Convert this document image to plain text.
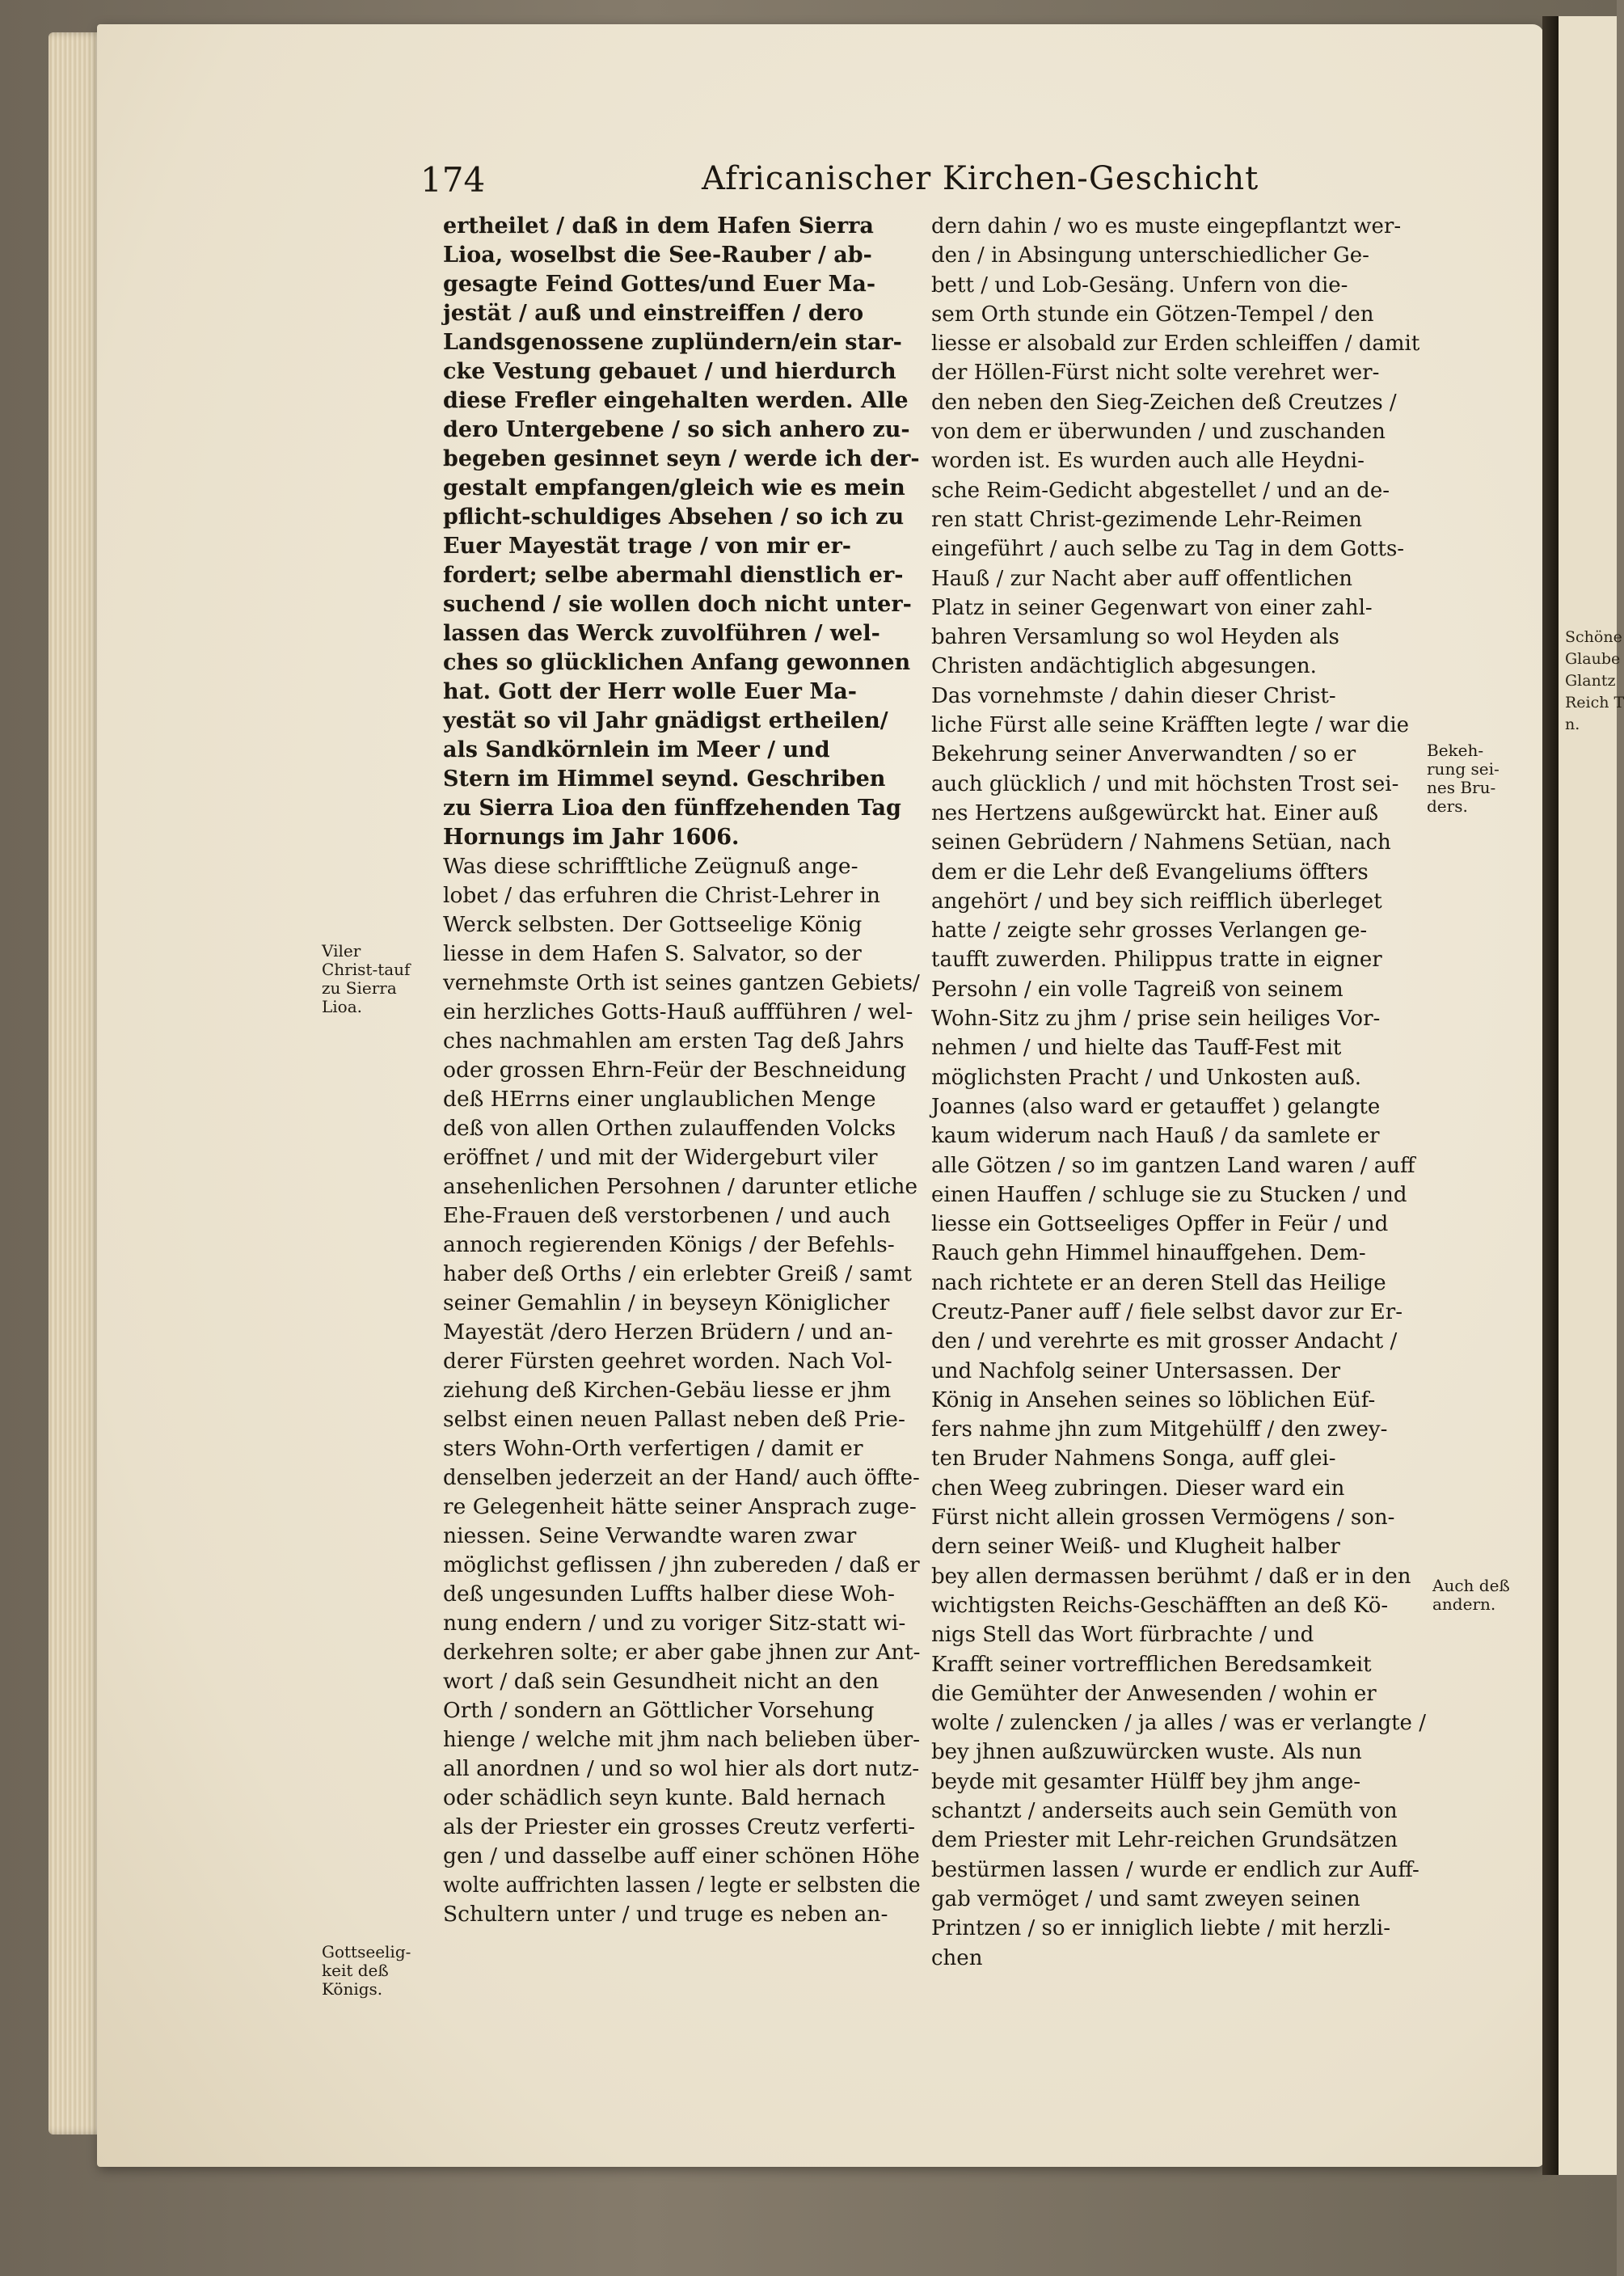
Schöne
Glaube
Glantz
Reich T
n.
174	Africanischer Kirchen-Geschicht
ertheilet / daß in dem Hafen Sierra
Lioa, woselbst die See-Rauber / ab-
gesagte Feind Gottes/und Euer Ma-
jestät / auß und einstreiffen / dero
Landsgenossene zuplündern/ein star-
cke Vestung gebauet / und hierdurch
diese Frefler eingehalten werden. Alle
dero Untergebene / so sich anhero zu-
begeben gesinnet seyn / werde ich der-
gestalt empfangen/gleich wie es mein
pflicht-schuldiges Absehen / so ich zu
Euer Mayestät trage / von mir er-
fordert; selbe abermahl dienstlich er-
suchend / sie wollen doch nicht unter-
lassen das Werck zuvolführen / wel-
ches so glücklichen Anfang gewonnen
hat. Gott der Herr wolle Euer Ma-
yestät so vil Jahr gnädigst ertheilen/
als Sandkörnlein im Meer / und
Stern im Himmel seynd. Geschriben
zu Sierra Lioa den fünffzehenden Tag
Hornungs im Jahr 1606.
Was diese schrifftliche Zeügnuß ange-
lobet / das erfuhren die Christ-Lehrer in
Werck selbsten. Der Gottseelige König
liesse in dem Hafen S. Salvator, so der
vernehmste Orth ist seines gantzen Gebiets/
ein herzliches Gotts-Hauß auffführen / wel-
ches nachmahlen am ersten Tag deß Jahrs
oder grossen Ehrn-Feür der Beschneidung
deß HErrns einer unglaublichen Menge
deß von allen Orthen zulauffenden Volcks
eröffnet / und mit der Widergeburt viler
ansehenlichen Persohnen / darunter etliche
Ehe-Frauen deß verstorbenen / und auch
annoch regierenden Königs / der Befehls-
haber deß Orths / ein erlebter Greiß / samt
seiner Gemahlin / in beyseyn Königlicher
Mayestät /dero Herzen Brüdern / und an-
derer Fürsten geehret worden. Nach Vol-
ziehung deß Kirchen-Gebäu liesse er jhm
selbst einen neuen Pallast neben deß Prie-
sters Wohn-Orth verfertigen / damit er
denselben jederzeit an der Hand/ auch öffte-
re Gelegenheit hätte seiner Ansprach zuge-
niessen. Seine Verwandte waren zwar
möglichst geflissen / jhn zubereden / daß er
deß ungesunden Luffts halber diese Woh-
nung endern / und zu voriger Sitz-statt wi-
derkehren solte; er aber gabe jhnen zur Ant-
wort / daß sein Gesundheit nicht an den
Orth / sondern an Göttlicher Vorsehung
hienge / welche mit jhm nach belieben über-
all anordnen / und so wol hier als dort nutz-
oder schädlich seyn kunte. Bald hernach
als der Priester ein grosses Creutz verferti-
gen / und dasselbe auff einer schönen Höhe
wolte auffrichten lassen / legte er selbsten die
Schultern unter / und truge es neben an-
dern dahin / wo es muste eingepflantzt wer-
den / in Absingung unterschiedlicher Ge-
bett / und Lob-Gesäng. Unfern von die-
sem Orth stunde ein Götzen-Tempel / den
liesse er alsobald zur Erden schleiffen / damit
der Höllen-Fürst nicht solte verehret wer-
den neben den Sieg-Zeichen deß Creutzes /
von dem er überwunden / und zuschanden
worden ist. Es wurden auch alle Heydni-
sche Reim-Gedicht abgestellet / und an de-
ren statt Christ-gezimende Lehr-Reimen
eingeführt / auch selbe zu Tag in dem Gotts-
Hauß / zur Nacht aber auff offentlichen
Platz in seiner Gegenwart von einer zahl-
bahren Versamlung so wol Heyden als
Christen andächtiglich abgesungen.
Das vornehmste / dahin dieser Christ-
liche Fürst alle seine Kräfften legte / war die
Bekehrung seiner Anverwandten / so er
auch glücklich / und mit höchsten Trost sei-
nes Hertzens außgewürckt hat. Einer auß
seinen Gebrüdern / Nahmens Setüan, nach
dem er die Lehr deß Evangeliums öffters
angehört / und bey sich reifflich überleget
hatte / zeigte sehr grosses Verlangen ge-
taufft zuwerden. Philippus tratte in eigner
Persohn / ein volle Tagreiß von seinem
Wohn-Sitz zu jhm / prise sein heiliges Vor-
nehmen / und hielte das Tauff-Fest mit
möglichsten Pracht / und Unkosten auß.
Joannes (also ward er getauffet ) gelangte
kaum widerum nach Hauß / da samlete er
alle Götzen / so im gantzen Land waren / auff
einen Hauffen / schluge sie zu Stucken / und
liesse ein Gottseeliges Opffer in Feür / und
Rauch gehn Himmel hinauffgehen. Dem-
nach richtete er an deren Stell das Heilige
Creutz-Paner auff / fiele selbst davor zur Er-
den / und verehrte es mit grosser Andacht /
und Nachfolg seiner Untersassen. Der
König in Ansehen seines so löblichen Eüf-
fers nahme jhn zum Mitgehülff / den zwey-
ten Bruder Nahmens Songa, auff glei-
chen Weeg zubringen. Dieser ward ein
Fürst nicht allein grossen Vermögens / son-
dern seiner Weiß- und Klugheit halber
bey allen dermassen berühmt / daß er in den
wichtigsten Reichs-Geschäfften an deß Kö-
nigs Stell das Wort fürbrachte / und
Krafft seiner vortrefflichen Beredsamkeit
die Gemühter der Anwesenden / wohin er
wolte / zulencken / ja alles / was er verlangte /
bey jhnen außzuwürcken wuste. Als nun
beyde mit gesamter Hülff bey jhm ange-
schantzt / anderseits auch sein Gemüth von
dem Priester mit Lehr-reichen Grundsätzen
bestürmen lassen / wurde er endlich zur Auff-
gab vermöget / und samt zweyen seinen
Printzen / so er inniglich liebte / mit herzli-
chen
Viler
Christ-tauf
zu Sierra
Lioa.
Gottseelig-
keit deß
Königs.
Bekeh-
rung sei-
nes Bru-
ders.
Auch deß
andern.
